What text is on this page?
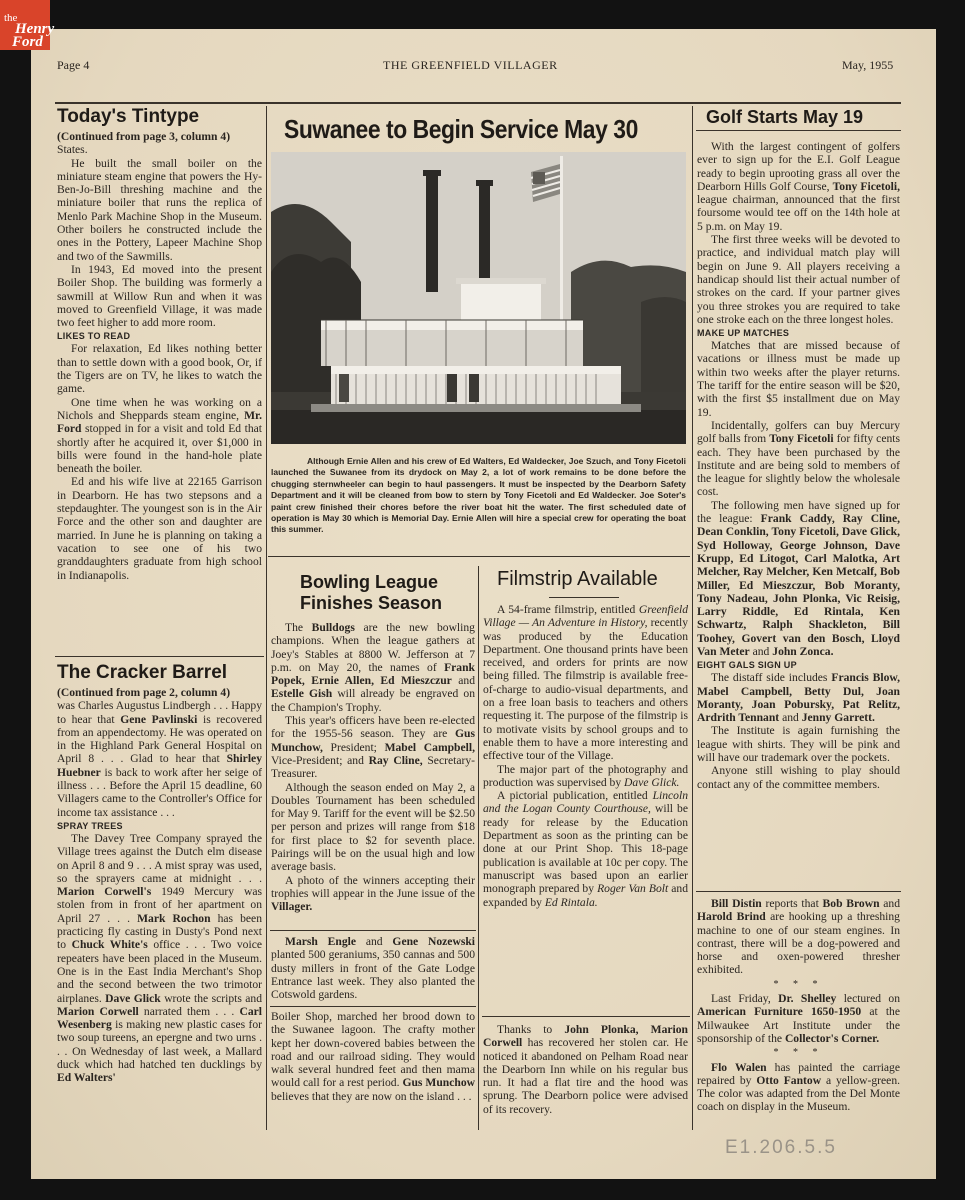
the
Henry
Ford
Page 4	THE GREENFIELD VILLAGER	May, 1955
Today's Tintype

(Continued from page 3, column 4)

States.

He built the small boiler on the miniature steam engine that powers the Hy-Ben-Jo-Bill threshing machine and the miniature boiler that runs the replica of Menlo Park Machine Shop in the Museum. Other boilers he constructed include the ones in the Pottery, Lapeer Machine Shop and two of the Sawmills.

In 1943, Ed moved into the present Boiler Shop. The building was formerly a sawmill at Willow Run and when it was moved to Greenfield Village, it was made two feet higher to add more room.

LIKES TO READ

For relaxation, Ed likes nothing better than to settle down with a good book, Or, if the Tigers are on TV, he likes to watch the game.

One time when he was working on a Nichols and Sheppards steam engine, Mr. Ford stopped in for a visit and told Ed that shortly after he acquired it, over $1,000 in bills were found in the hand-hole plate beneath the boiler.

Ed and his wife live at 22165 Garrison in Dearborn. He has two stepsons and a stepdaughter. The youngest son is in the Air Force and the other son and daughter are married. In June he is planning on taking a vacation to see one of his two granddaughters graduate from high school in Indianapolis.

The Cracker Barrel

(Continued from page 2, column 4)

was Charles Augustus Lindbergh . . . Happy to hear that Gene Pavlinski is recovered from an appendectomy. He was operated on in the Highland Park General Hospital on April 8 . . . Glad to hear that Shirley Huebner is back to work after her seige of illness . . . Before the April 15 deadline, 60 Villagers came to the Controller's Office for income tax assistance . . .

SPRAY TREES

The Davey Tree Company sprayed the Village trees against the Dutch elm disease on April 8 and 9 . . . A mist spray was used, so the sprayers came at midnight . . . Marion Corwell's 1949 Mercury was stolen from in front of her apartment on April 27 . . . Mark Rochon has been practicing fly casting in Dusty's Pond next to Chuck White's office . . . Two voice repeaters have been placed in the Museum. One is in the East India Merchant's Shop and the second between the two trimotor airplanes. Dave Glick wrote the scripts and Marion Corwell narrated them . . . Carl Wesenberg is making new plastic cases for two soup tureens, an epergne and two urns . . . On Wednesday of last week, a Mallard duck which had hatched ten ducklings by Ed Walters'

Suwanee to Begin Service May 30

Although Ernie Allen and his crew of Ed Walters, Ed Waldecker, Joe Szuch, and Tony Ficetoli launched the Suwanee from its drydock on May 2, a lot of work remains to be done before the chugging sternwheeler can begin to haul passengers. It must be inspected by the Dearborn Safety Department and it will be cleaned from bow to stern by Tony Ficetoli and Ed Waldecker. Joe Soter's paint crew finished their chores before the river boat hit the water. The first scheduled date of operation is May 30 which is Memorial Day. Ernie Allen will hire a special crew for operating the boat this summer.

Bowling League
Finishes Season

The Bulldogs are the new bowling champions. When the league gathers at Joey's Stables at 8800 W. Jefferson at 7 p.m. on May 20, the names of Frank Popek, Ernie Allen, Ed Mieszczur and Estelle Gish will already be engraved on the Champion's Trophy.

This year's officers have been re-elected for the 1955-56 season. They are Gus Munchow, President; Mabel Campbell, Vice-President; and Ray Cline, Secretary-Treasurer.

Although the season ended on May 2, a Doubles Tournament has been scheduled for May 9. Tariff for the event will be $2.50 per person and prizes will range from $18 for first place to $2 for seventh place. Pairings will be on the usual high and low average basis.

A photo of the winners accepting their trophies will appear in the June issue of the Villager.

Marsh Engle and Gene Nozewski planted 500 geraniums, 350 cannas and 500 dusty millers in front of the Gate Lodge Entrance last week. They also planted the Cotswold gardens.

Boiler Shop, marched her brood down to the Suwanee lagoon. The crafty mother kept her down-covered babies between the road and our railroad siding. They would walk several hundred feet and then mama would call for a rest period. Gus Munchow believes that they are now on the island . . .

Filmstrip Available

A 54-frame filmstrip, entitled Greenfield Village — An Adventure in History, recently was produced by the Education Department. One thousand prints have been received, and orders for prints are now being filled. The filmstrip is available free-of-charge to audio-visual departments, and on a free loan basis to teachers and others requesting it. The purpose of the filmstrip is to motivate visits by school groups and to enable them to have a more interesting and effective tour of the Village.

The major part of the photography and production was supervised by Dave Glick.

A pictorial publication, entitled Lincoln and the Logan County Courthouse, will be ready for release by the Education Department as soon as the printing can be done at our Print Shop. This 18-page publication is available at 10c per copy. The manuscript was based upon an earlier monograph prepared by Roger Van Bolt and expanded by Ed Rintala.

Thanks to John Plonka, Marion Corwell has recovered her stolen car. He noticed it abandoned on Pelham Road near the Dearborn Inn while on his regular bus run. It had a flat tire and the hood was sprung. The Dearborn police were advised of its recovery.

Golf Starts May 19

With the largest contingent of golfers ever to sign up for the E.I. Golf League ready to begin uprooting grass all over the Dearborn Hills Golf Course, Tony Ficetoli, league chairman, announced that the first foursome would tee off on the 14th hole at 5 p.m. on May 19.

The first three weeks will be devoted to practice, and individual match play will begin on June 9. All players receiving a handicap should list their actual number of strokes on the card. If your partner gives you three strokes you are required to take one stroke each on the three longest holes.

MAKE UP MATCHES

Matches that are missed because of vacations or illness must be made up within two weeks after the player returns. The tariff for the entire season will be $20, with the first $5 installment due on May 19.

Incidentally, golfers can buy Mercury golf balls from Tony Ficetoli for fifty cents each. They have been purchased by the Institute and are being sold to members of the league for slightly below the wholesale cost.

The following men have signed up for the league: Frank Caddy, Ray Cline, Dean Conklin, Tony Ficetoli, Dave Glick, Syd Holloway, George Johnson, Dave Krupp, Ed Litogot, Carl Malotka, Art Melcher, Ray Melcher, Ken Metcalf, Bob Miller, Ed Mieszczur, Bob Moranty, Tony Nadeau, John Plonka, Vic Reisig, Larry Riddle, Ed Rintala, Ken Schwartz, Ralph Shackleton, Bill Toohey, Govert van den Bosch, Lloyd Van Meter and John Zonca.

EIGHT GALS SIGN UP

The distaff side includes Francis Blow, Mabel Campbell, Betty Dul, Joan Moranty, Joan Pobursky, Pat Relitz, Ardrith Tennant and Jenny Garrett.

The Institute is again furnishing the league with shirts. They will be pink and will have our trademark over the pockets.

Anyone still wishing to play should contact any of the committee members.

Bill Distin reports that Bob Brown and Harold Brind are hooking up a threshing machine to one of our steam engines. In contrast, there will be a dog-powered and horse and oxen-powered thresher exhibited.

* * *

Last Friday, Dr. Shelley lectured on American Furniture 1650-1950 at the Milwaukee Art Institute under the sponsorship of the Collector's Corner.

* * *

Flo Walen has painted the carriage repaired by Otto Fantow a yellow-green. The color was adapted from the Del Monte coach on display in the Museum.

E1.206.5.5
